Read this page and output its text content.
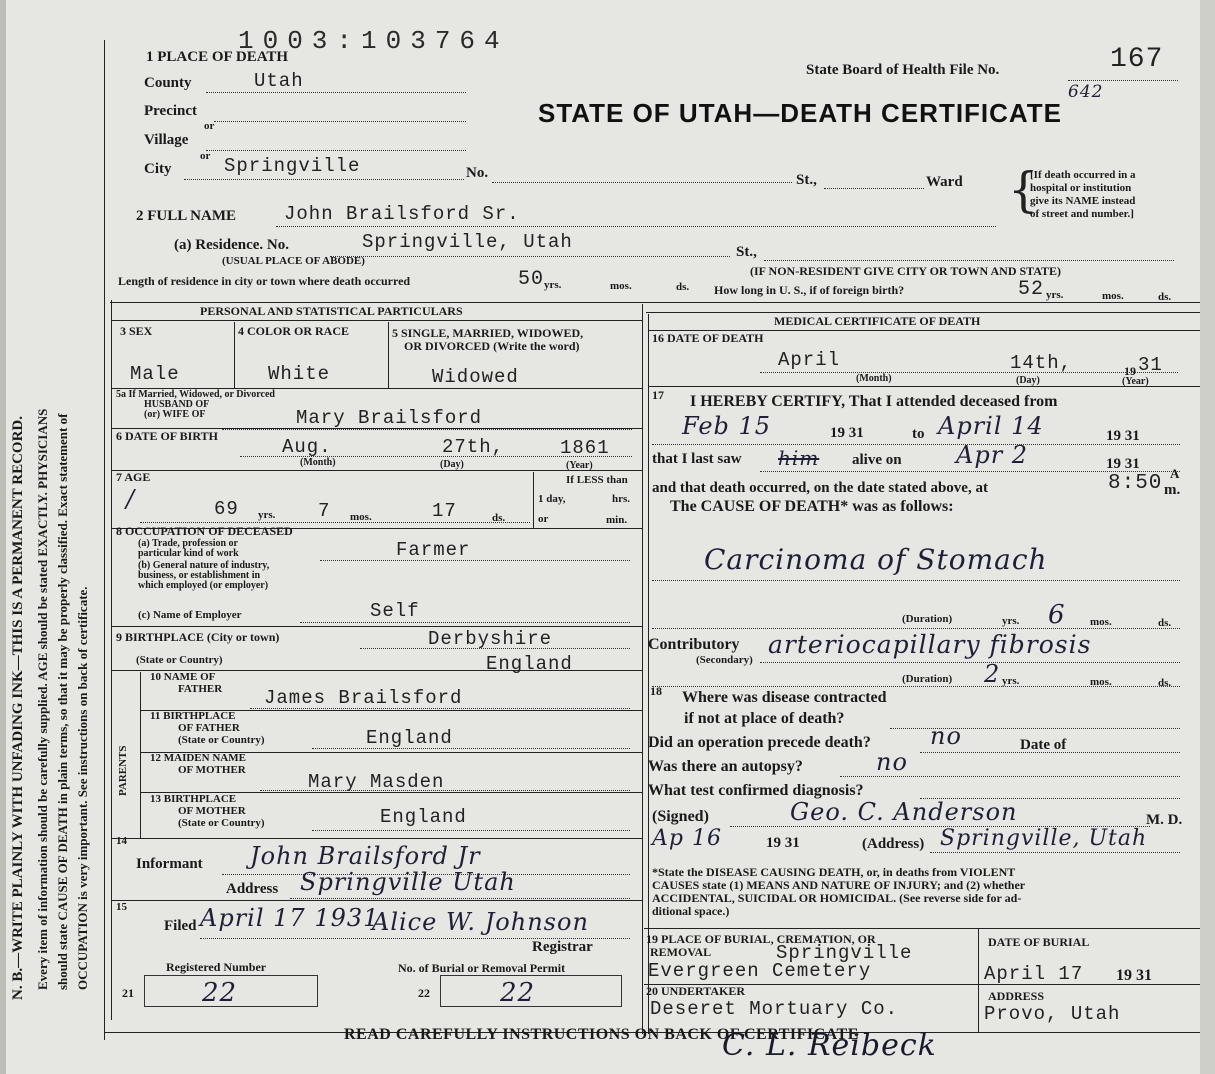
N. B.—WRITE PLAINLY WITH UNFADING INK—THIS IS A PERMANENT RECORD. Every item of information should be carefully supplied. AGE should be stated EXACTLY. PHYSICIANS should state CAUSE OF DEATH in plain terms, so that it may be properly classified. Exact statement of OCCUPATION is very important. See instructions on back of certificate.
1003:103764
State Board of Health File No.	167
642
STATE OF UTAH—DEATH CERTIFICATE
1 PLACE OF DEATH
County	Utah
Precinct
or
Village
or
City	Springville	No.	St.,	Ward {
[If death occurred in a
hospital or institution
give its NAME instead
of street and number.]
2 FULL NAME	John Brailsford Sr.
(a) Residence. No.	Springville, Utah	St.,
(USUAL PLACE OF ABODE)
(IF NON-RESIDENT GIVE CITY OR TOWN AND STATE)
Length of residence in city or town where death occurred	50 yrs.	mos.	ds. How long in U. S., if of foreign birth?	52 yrs.	mos.	ds.
PERSONAL AND STATISTICAL PARTICULARS
3 SEX	4 COLOR OR RACE	5 SINGLE, MARRIED, WIDOWED,
OR DIVORCED (Write the word)
Male	White	Widowed
5a If Married, Widowed, or Divorced
HUSBAND OF
(or) WIFE OF	Mary Brailsford
6 DATE OF BIRTH	Aug.	27th,	1861
(Month)	(Day)	(Year)
7 AGE
/	69 yrs. 7 mos.	17	ds.
If LESS than
1 day,	hrs.
or	min.
8 OCCUPATION OF DECEASED
(a) Trade, profession or
particular kind of work
(b) General nature of industry,
business, or establishment in
which employed (or employer)
Farmer
(c) Name of Employer	Self
9 BIRTHPLACE (City or town)	Derbyshire
(State or Country)	England
PARENTS
10 NAME OF
FATHER James Brailsford
11 BIRTHPLACE
OF FATHER
(State or Country)	England
12 MAIDEN NAME
OF MOTHER
Mary Masden
13 BIRTHPLACE
OF MOTHER
(State or Country)	England
14
Informant John Brailsford Jr
Address Springville Utah
15
Filed April 17 1931
Alice W. Johnson
Registrar
Registered Number
21	22
No. of Burial or Removal Permit
22	22
MEDICAL CERTIFICATE OF DEATH
16 DATE OF DEATH
April	14th,	19 31
(Month)	(Day)	(Year)
17 I HEREBY CERTIFY, That I attended deceased from
Feb 15	19 31	to April 14	19 31
that I last saw him alive on Apr 2	19 31
and that death occurred, on the date stated above, at	8:50 A
m.
The CAUSE OF DEATH* was as follows:
Carcinoma of Stomach
(Duration)	yrs. 6 mos.	ds.
Contributory
(Secondary)
arteriocapillary fibrosis
(Duration) 2 yrs.	mos.	ds.
18 Where was disease contracted
if not at place of death?
Did an operation precede death? no	Date of
Was there an autopsy?	no
What test confirmed diagnosis?
(Signed)	Geo. C. Anderson	M. D.
Ap 16	19 31	(Address) Springville, Utah
*State the DISEASE CAUSING DEATH, or, in deaths from VIOLENT
CAUSES state (1) MEANS AND NATURE OF INJURY; and (2) whether
ACCIDENTAL, SUICIDAL OR HOMICIDAL. (See reverse side for ad-
ditional space.)
19 PLACE OF BURIAL, CREMATION, OR
REMOVAL	Springville
Evergreen Cemetery
DATE OF BURIAL
April 17 19 31
20 UNDERTAKER
Deseret Mortuary Co.
ADDRESS
Provo, Utah
READ CAREFULLY INSTRUCTIONS ON BACK OF CERTIFICATE
C. L. Reibeck
